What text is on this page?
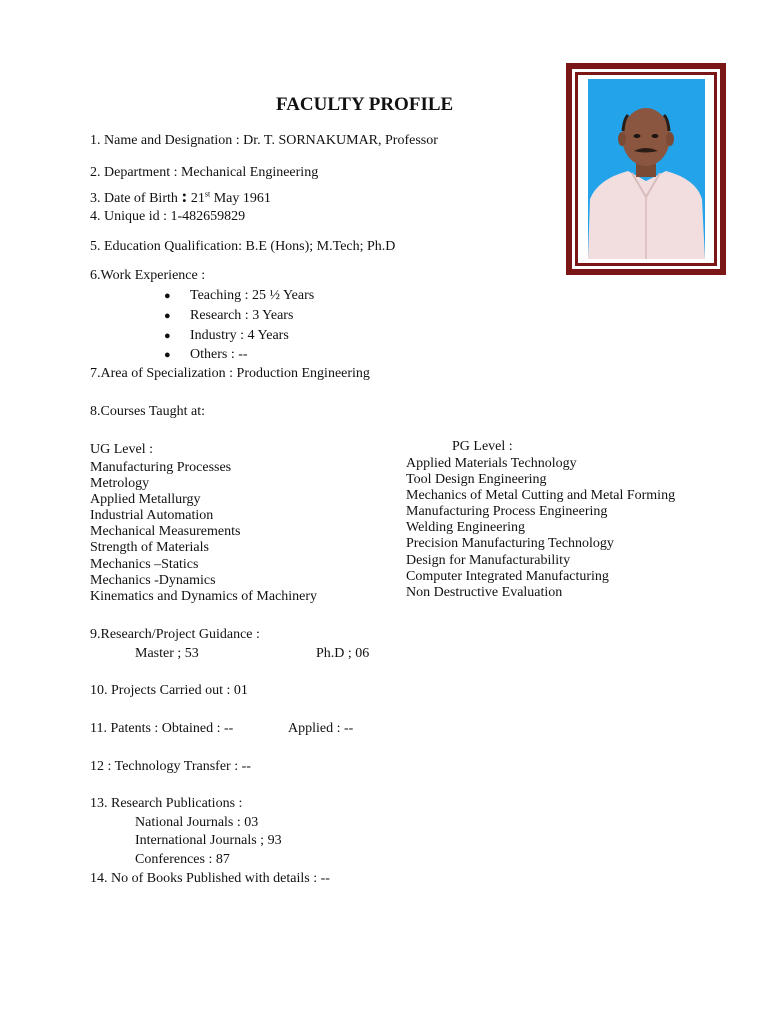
FACULTY PROFILE
1. Name and Designation : Dr. T. SORNAKUMAR, Professor
2. Department : Mechanical Engineering
3. Date of Birth : 21st May 1961
4. Unique id : 1-482659829
5. Education Qualification: B.E (Hons); M.Tech; Ph.D
6.Work Experience :
● Teaching : 25 ½ Years
● Research : 3 Years
● Industry : 4 Years
● Others : --
7.Area of Specialization : Production Engineering
8.Courses Taught at:
UG Level :
Manufacturing Processes
Metrology
Applied Metallurgy
Industrial Automation
Mechanical Measurements
Strength of Materials
Mechanics –Statics
Mechanics -Dynamics
Kinematics and Dynamics of Machinery
PG Level :
Applied Materials Technology
Tool Design Engineering
Mechanics of Metal Cutting and Metal Forming
Manufacturing Process Engineering
Welding Engineering
Precision Manufacturing Technology
Design for Manufacturability
Computer Integrated Manufacturing
Non Destructive Evaluation
9.Research/Project Guidance :
Master ; 53	Ph.D ; 06
10. Projects Carried out : 01
11. Patents : Obtained : --	Applied : --
12 : Technology Transfer : --
13. Research Publications :
National Journals : 03
International Journals ; 93
Conferences : 87
14. No of Books Published with details : --
